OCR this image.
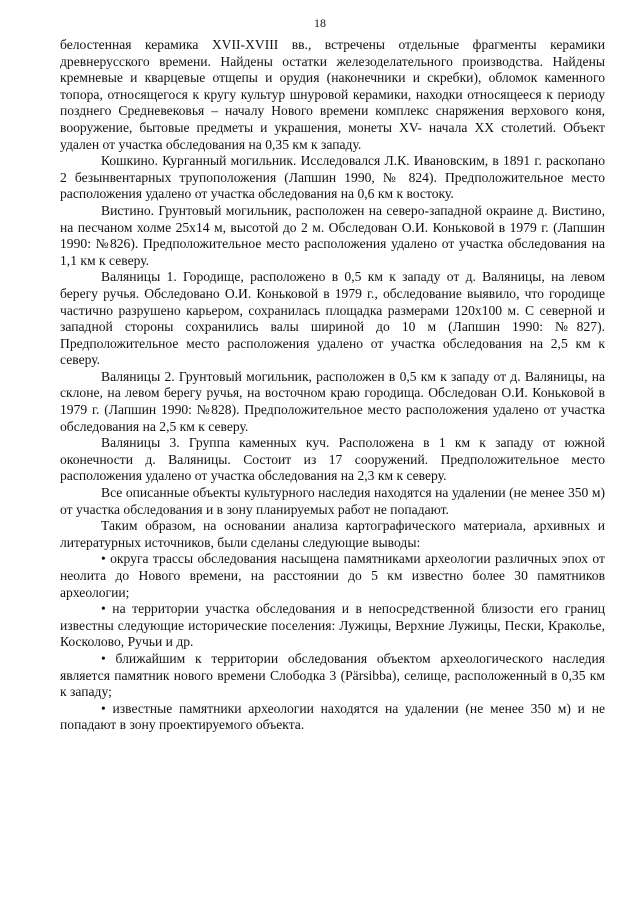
18

белостенная керамика XVII-XVIII вв., встречены отдельные фрагменты керамики древнерусского времени. Найдены остатки железоделательного производства. Найдены кремневые и кварцевые отщепы и орудия (наконечники и скребки), обломок каменного топора, относящегося к кругу культур шнуровой керамики, находки относящееся к периоду позднего Средневековья – началу Нового времени комплекс снаряжения верхового коня, вооружение, бытовые предметы и украшения, монеты XV- начала XX столетий. Объект удален от участка обследования на 0,35 км к западу.

Кошкино. Курганный могильник. Исследовался Л.К. Ивановским, в 1891 г. раскопано 2 безынвентарных трупоположения (Лапшин 1990, № 824). Предположительное место расположения удалено от участка обследования на 0,6 км к востоку.

Вистино. Грунтовый могильник, расположен на северо-западной окраине д. Вистино, на песчаном холме 25x14 м, высотой до 2 м. Обследован О.И. Коньковой в 1979 г. (Лапшин 1990: №826). Предположительное место расположения удалено от участка обследования на 1,1 км к северу.

Валяницы 1. Городище, расположено в 0,5 км к западу от д. Валяницы, на левом берегу ручья. Обследовано О.И. Коньковой в 1979 г., обследование выявило, что городище частично разрушено карьером, сохранилась площадка размерами 120x100 м. С северной и западной стороны сохранились валы шириной до 10 м (Лапшин 1990: №827). Предположительное место расположения удалено от участка обследования на 2,5 км к северу.

Валяницы 2. Грунтовый могильник, расположен в 0,5 км к западу от д. Валяницы, на склоне, на левом берегу ручья, на восточном краю городища. Обследован О.И. Коньковой в 1979 г. (Лапшин 1990: №828). Предположительное место расположения удалено от участка обследования на 2,5 км к северу.

Валяницы 3. Группа каменных куч. Расположена в 1 км к западу от южной оконечности д. Валяницы. Состоит из 17 сооружений. Предположительное место расположения удалено от участка обследования на 2,3 км к северу.

Все описанные объекты культурного наследия находятся на удалении (не менее 350 м) от участка обследования и в зону планируемых работ не попадают.

Таким образом, на основании анализа картографического материала, архивных и литературных источников, были сделаны следующие выводы:

• округа трассы обследования насыщена памятниками археологии различных эпох от неолита до Нового времени, на расстоянии до 5 км известно более 30 памятников археологии;

• на территории участка обследования и в непосредственной близости его границ известны следующие исторические поселения: Лужицы, Верхние Лужицы, Пески, Краколье, Косколово, Ручьи и др.

• ближайшим к территории обследования объектом археологического наследия является памятник нового времени Слободка 3 (Pärsibba), селище, расположенный в 0,35 км к западу;

• известные памятники археологии находятся на удалении (не менее 350 м) и не попадают в зону проектируемого объекта.
